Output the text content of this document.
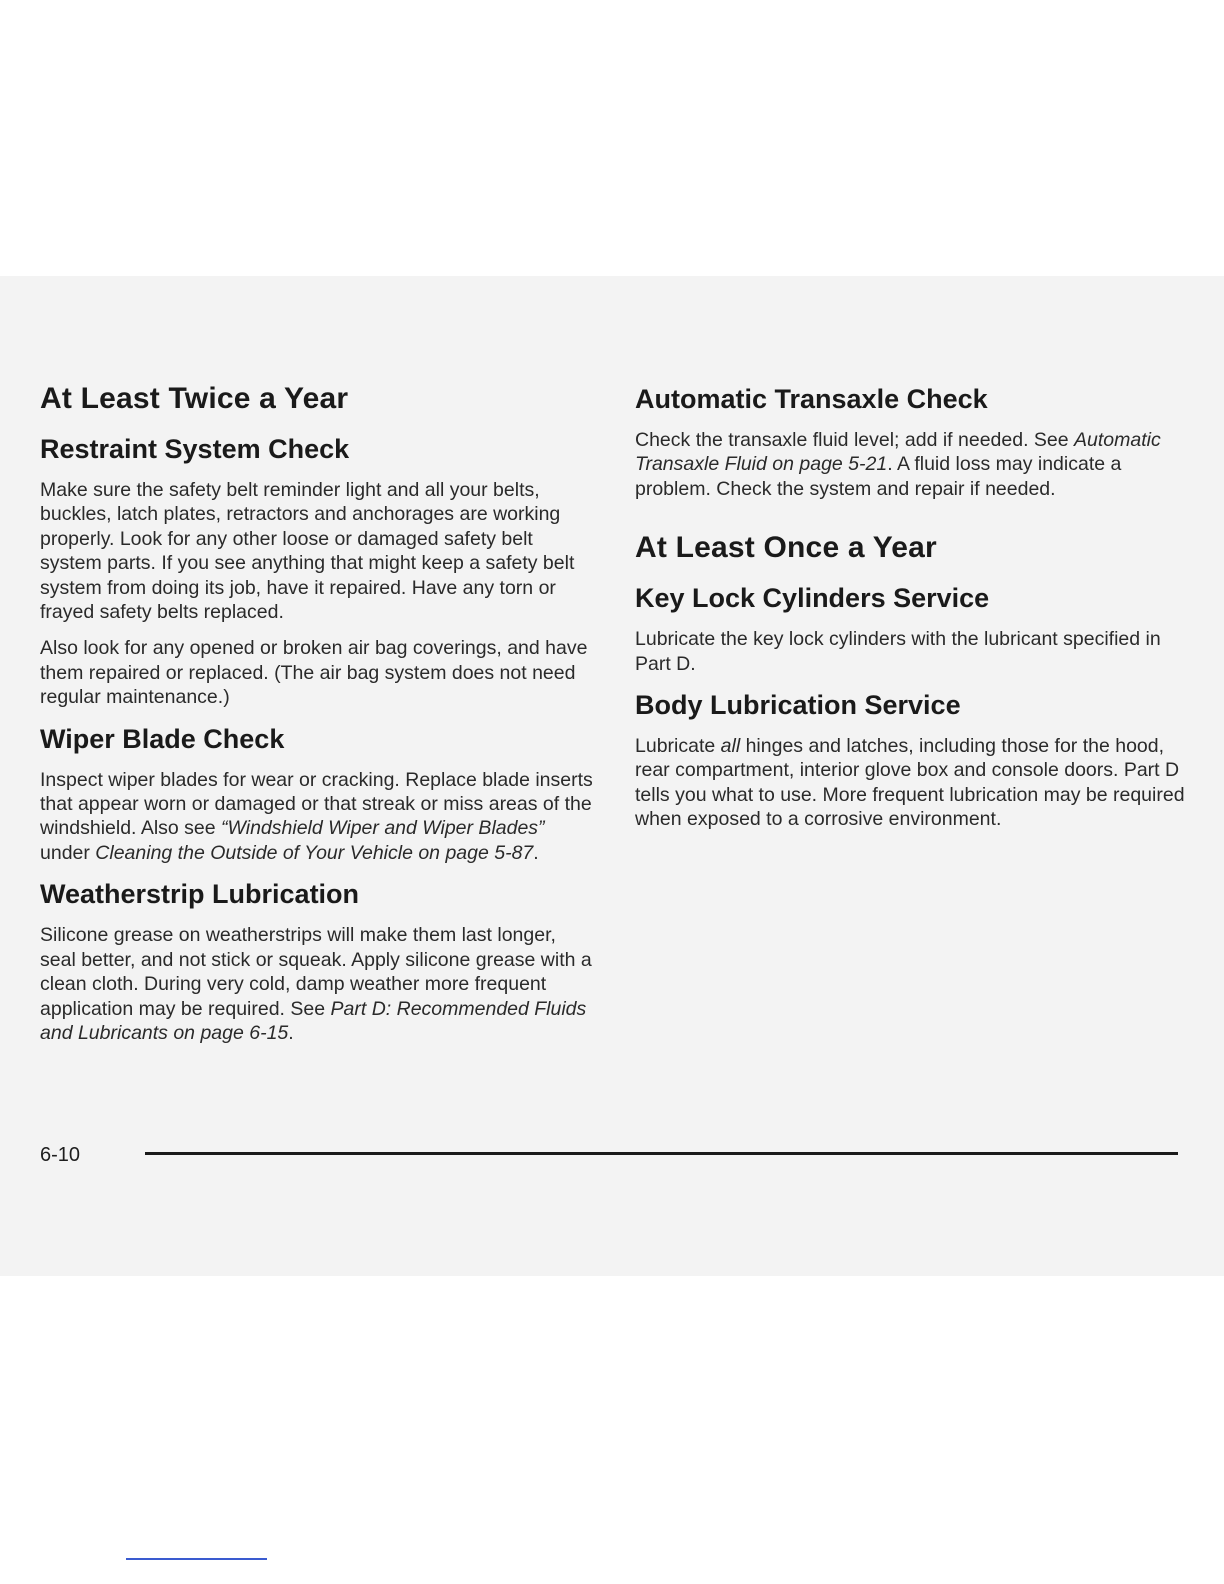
At Least Twice a Year
Restraint System Check

Make sure the safety belt reminder light and all your belts, buckles, latch plates, retractors and anchorages are working properly. Look for any other loose or damaged safety belt system parts. If you see anything that might keep a safety belt system from doing its job, have it repaired. Have any torn or frayed safety belts replaced.

Also look for any opened or broken air bag coverings, and have them repaired or replaced. (The air bag system does not need regular maintenance.)

Wiper Blade Check

Inspect wiper blades for wear or cracking. Replace blade inserts that appear worn or damaged or that streak or miss areas of the windshield. Also see “Windshield Wiper and Wiper Blades” under Cleaning the Outside of Your Vehicle on page 5-87.

Weatherstrip Lubrication

Silicone grease on weatherstrips will make them last longer, seal better, and not stick or squeak. Apply silicone grease with a clean cloth. During very cold, damp weather more frequent application may be required. See Part D: Recommended Fluids and Lubricants on page 6-15.

Automatic Transaxle Check

Check the transaxle fluid level; add if needed. See Automatic Transaxle Fluid on page 5-21. A fluid loss may indicate a problem. Check the system and repair if needed.

At Least Once a Year
Key Lock Cylinders Service

Lubricate the key lock cylinders with the lubricant specified in Part D.

Body Lubrication Service

Lubricate all hinges and latches, including those for the hood, rear compartment, interior glove box and console doors. Part D tells you what to use. More frequent lubrication may be required when exposed to a corrosive environment.

6-10
